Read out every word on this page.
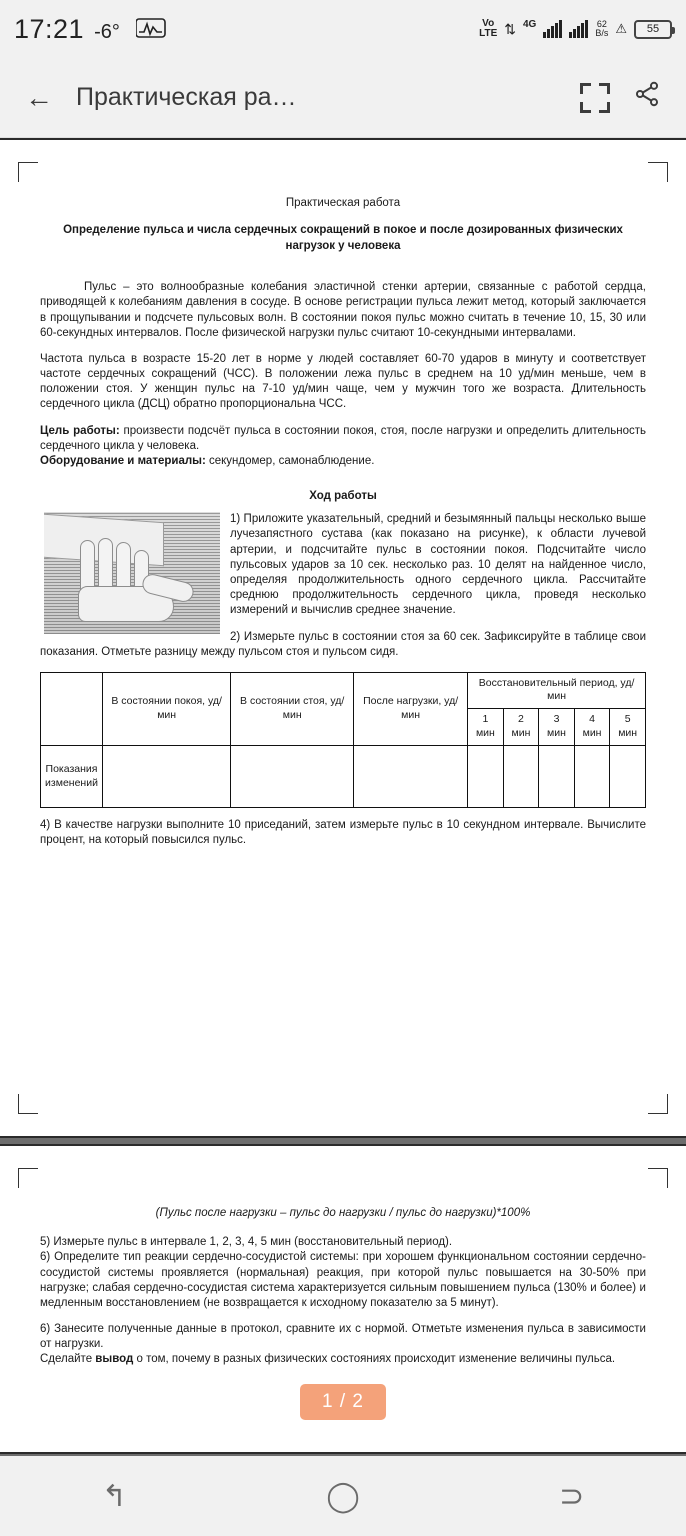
17:21 -6°	Vo
LTE ⇅ 4G	62
B/s ⚠ 55
← Практическая ра…
Практическая работа
Определение пульса и числа сердечных сокращений в покое и после дозированных физических нагрузок у человека

Пульс – это волнообразные колебания эластичной стенки артерии, связанные с работой сердца, приводящей к колебаниям давления в сосуде. В основе регистрации пульса лежит метод, который заключается в прощупывании и подсчете пульсовых волн. В состоянии покоя пульс можно считать в течение 10, 15, 30 или 60-секундных интервалов. После физической нагрузки пульс считают 10-секундными интервалами.

Частота пульса в возрасте 15-20 лет в норме у людей составляет 60-70 ударов в минуту и соответствует частоте сердечных сокращений (ЧСС). В положении лежа пульс в среднем на 10 уд/мин меньше, чем в положении стоя. У женщин пульс на 7-10 уд/мин чаще, чем у мужчин того же возраста. Длительность сердечного цикла (ДСЦ) обратно пропорциональна ЧСС.

Цель работы: произвести подсчёт пульса в состоянии покоя, стоя, после нагрузки и определить длительность сердечного цикла у человека.
Оборудование и материалы: секундомер, самонаблюдение.

Ход работы

1) Приложите указательный, средний и безымянный пальцы несколько выше лучезапястного сустава (как показано на рисунке), к области лучевой артерии, и подсчитайте пульс в состоянии покоя. Подсчитайте число пульсовых ударов за 10 сек. несколько раз. 10 делят на найденное число, определяя продолжительность одного сердечного цикла. Рассчитайте среднюю продолжительность сердечного цикла, проведя несколько измерений и вычислив среднее значение.

2) Измерьте пульс в состоянии стоя за 60 сек. Зафиксируйте в таблице свои показания. Отметьте разницу между пульсом стоя и пульсом сидя.

	В состоянии покоя, уд/мин	В состоянии стоя, уд/мин	После нагрузки, уд/мин	Восстановительный период, уд/мин				
				1 мин	2 мин	3 мин	4 мин	5 мин
Показания изменений								

4) В качестве нагрузки выполните 10 приседаний, затем измерьте пульс в 10 секундном интервале. Вычислите процент, на который повысился пульс.

(Пульс после нагрузки – пульс до нагрузки / пульс до нагрузки)*100%

5) Измерьте пульс в интервале 1, 2, 3, 4, 5 мин (восстановительный период).

6) Определите тип реакции сердечно-сосудистой системы: при хорошем функциональном состоянии сердечно-сосудистой системы проявляется (нормальная) реакция, при которой пульс повышается на 30-50% при нагрузке; слабая сердечно-сосудистая система характеризуется сильным повышением пульса (130% и более) и медленным восстановлением (не возвращается к исходному показателю за 5 минут).

6) Занесите полученные данные в протокол, сравните их с нормой. Отметьте изменения пульса в зависимости от нагрузки.

Сделайте вывод о том, почему в разных физических состояниях происходит изменение величины пульса.

1 / 2
↰	◯	⊃
